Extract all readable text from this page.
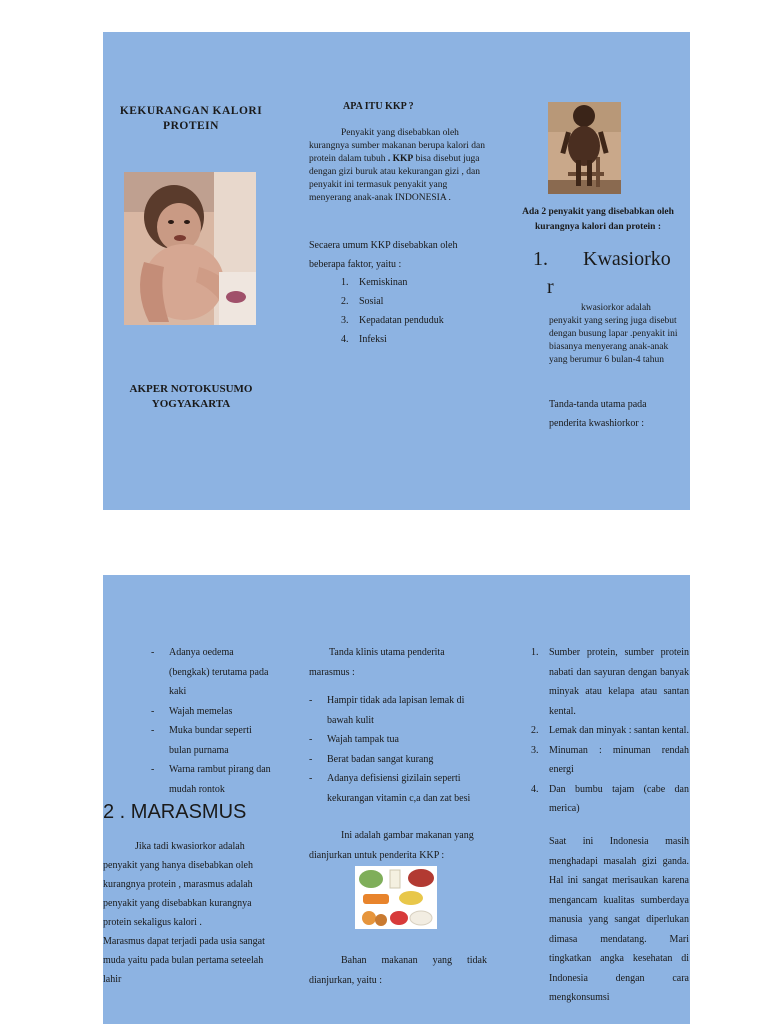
KEKURANGAN KALORI PROTEIN
AKPER NOTOKUSUMO
YOGYAKARTA
APA ITU KKP ?
Penyakit yang disebabkan oleh kurangnya sumber makanan berupa kalori dan protein dalam tubuh . KKP bisa disebut juga dengan gizi buruk atau kekurangan gizi , dan penyakit ini termasuk penyakit yang menyerang anak-anak INDONESIA .
Secaera umum KKP disebabkan oleh beberapa faktor, yaitu :
1. Kemiskinan
2. Sosial
3. Kepadatan penduduk
4. Infeksi
Ada 2 penyakit yang disebabkan oleh kurangnya kalori dan protein :
1. Kwasiorko
r
kwasiorkor adalah penyakit yang sering juga disebut dengan busung lapar .penyakit ini biasanya menyerang anak-anak yang berumur 6 bulan-4 tahun
Tanda-tanda utama pada penderita kwashiorkor :
- Adanya oedema (bengkak) terutama pada kaki
- Wajah memelas
- Muka bundar seperti bulan purnama
- Warna rambut pirang dan mudah rontok
2 . MARASMUS
Jika tadi kwasiorkor adalah penyakit yang hanya disebabkan oleh kurangnya protein , marasmus adalah penyakit yang disebabkan kurangnya protein sekaligus kalori .
Marasmus dapat terjadi pada usia sangat muda yaitu pada bulan pertama seteelah lahir
Tanda klinis utama penderita marasmus :
- Hampir tidak ada lapisan lemak di bawah kulit
- Wajah tampak tua
- Berat badan sangat kurang
- Adanya defisiensi gizilain seperti kekurangan vitamin c,a dan zat besi
Ini adalah gambar makanan yang dianjurkan untuk penderita KKP :
Bahan makanan yang tidak dianjurkan, yaitu :
1. Sumber protein, sumber protein nabati dan sayuran dengan banyak minyak atau kelapa atau santan kental.
2. Lemak dan minyak : santan kental.
3. Minuman : minuman rendah energi
4. Dan bumbu tajam (cabe dan merica)
Saat ini Indonesia masih menghadapi masalah gizi ganda. Hal ini sangat merisaukan karena mengancam kualitas sumberdaya manusia yang sangat diperlukan dimasa mendatang. Mari tingkatkan angka kesehatan di Indonesia dengan cara mengkonsumsi
